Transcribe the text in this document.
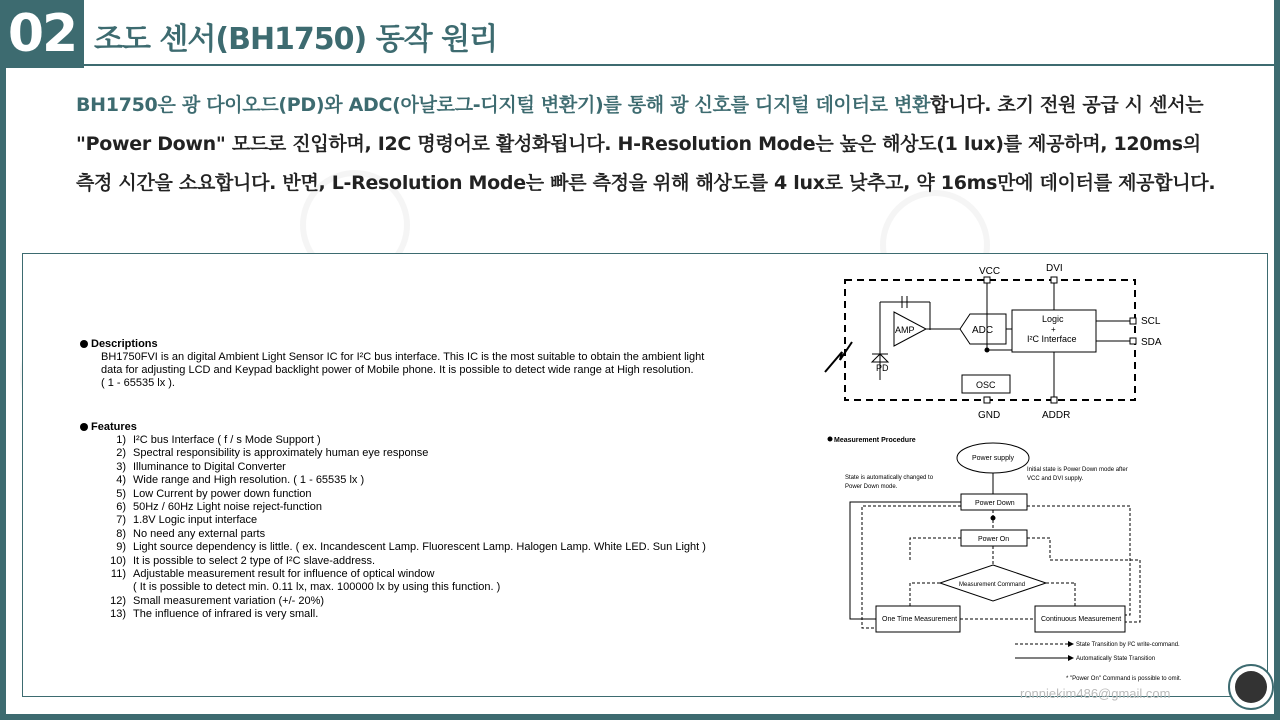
02 조도 센서(BH1750) 동작 원리
BH1750은 광 다이오드(PD)와 ADC(아날로그-디지털 변환기)를 통해 광 신호를 디지털 데이터로 변환합니다. 초기 전원 공급 시 센서는 "Power Down" 모드로 진입하며, I2C 명령어로 활성화됩니다. H-Resolution Mode는 높은 해상도(1 lux)를 제공하며, 120ms의 측정 시간을 소요합니다. 반면, L-Resolution Mode는 빠른 측정을 위해 해상도를 4 lux로 낮추고, 약 16ms만에 데이터를 제공합니다.
Descriptions
BH1750FVI is an digital Ambient Light Sensor IC for I²C bus interface. This IC is the most suitable to obtain the ambient light
data for adjusting LCD and Keypad backlight power of Mobile phone. It is possible to detect wide range at High resolution.
( 1 - 65535 lx ).
Features
1) I²C bus Interface ( f / s Mode Support )
2) Spectral responsibility is approximately human eye response
3) Illuminance to Digital Converter
4) Wide range and High resolution. ( 1 - 65535 lx )
5) Low Current by power down function
6) 50Hz / 60Hz Light noise reject-function
7) 1.8V Logic input interface
8) No need any external parts
9) Light source dependency is little. ( ex. Incandescent Lamp. Fluorescent Lamp. Halogen Lamp. White LED. Sun Light )
10) It is possible to select 2 type of I²C slave-address.
11) Adjustable measurement result for influence of optical window
( It is possible to detect min. 0.11 lx, max. 100000 lx by using this function. )
12) Small measurement variation (+/- 20%)
13) The influence of infrared is very small.
VCC	DVI
AMP	ADC
Logic
+
I²C Interface
SCL
SDA
PD
OSC
GND	ADDR
Measurement Procedure
Power supply
State is automatically changed to
Power Down mode.
Initial state is Power Down mode after
VCC and DVI supply.
Power Down
Power On
Measurement Command
One Time Measurement	Continuous Measurement
State Transition by I²C write-command.
Automatically State Transition
* "Power On" Command is possible to omit.
ronniekim486@gmail.com
